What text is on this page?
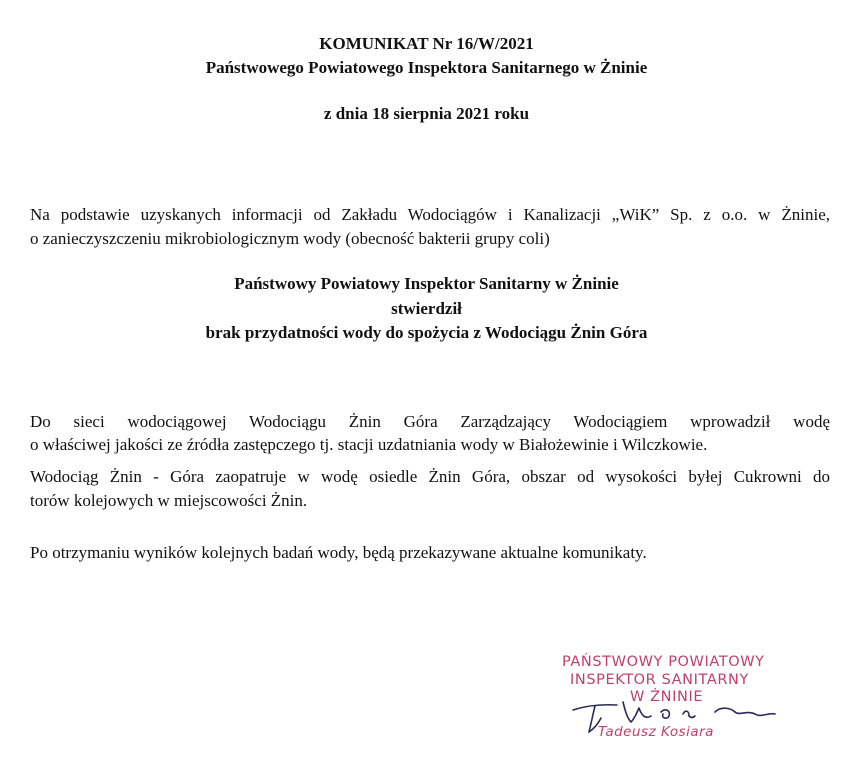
KOMUNIKAT Nr 16/W/2021
Państwowego Powiatowego Inspektora Sanitarnego w Żninie
z dnia 18 sierpnia 2021 roku
Na podstawie uzyskanych informacji od Zakładu Wodociągów i Kanalizacji „WiK” Sp. z o.o. w Żninie,
o zanieczyszczeniu mikrobiologicznym wody (obecność bakterii grupy coli)
Państwowy Powiatowy Inspektor Sanitarny w Żninie
stwierdził
brak przydatności wody do spożycia z Wodociągu Żnin Góra
Do sieci wodociągowej Wodociągu Żnin Góra Zarządzający Wodociągiem wprowadził wodę
o właściwej jakości ze źródła zastępczego tj. stacji uzdatniania wody w Białożewinie i Wilczkowie.
Wodociąg Żnin - Góra zaopatruje w wodę osiedle Żnin Góra, obszar od wysokości byłej Cukrowni do
torów kolejowych w miejscowości Żnin.
Po otrzymaniu wyników kolejnych badań wody, będą przekazywane aktualne komunikaty.
PAŃSTWOWY POWIATOWY
INSPEKTOR SANITARNY
W ŻNINIE
Tadeusz Kosiara
